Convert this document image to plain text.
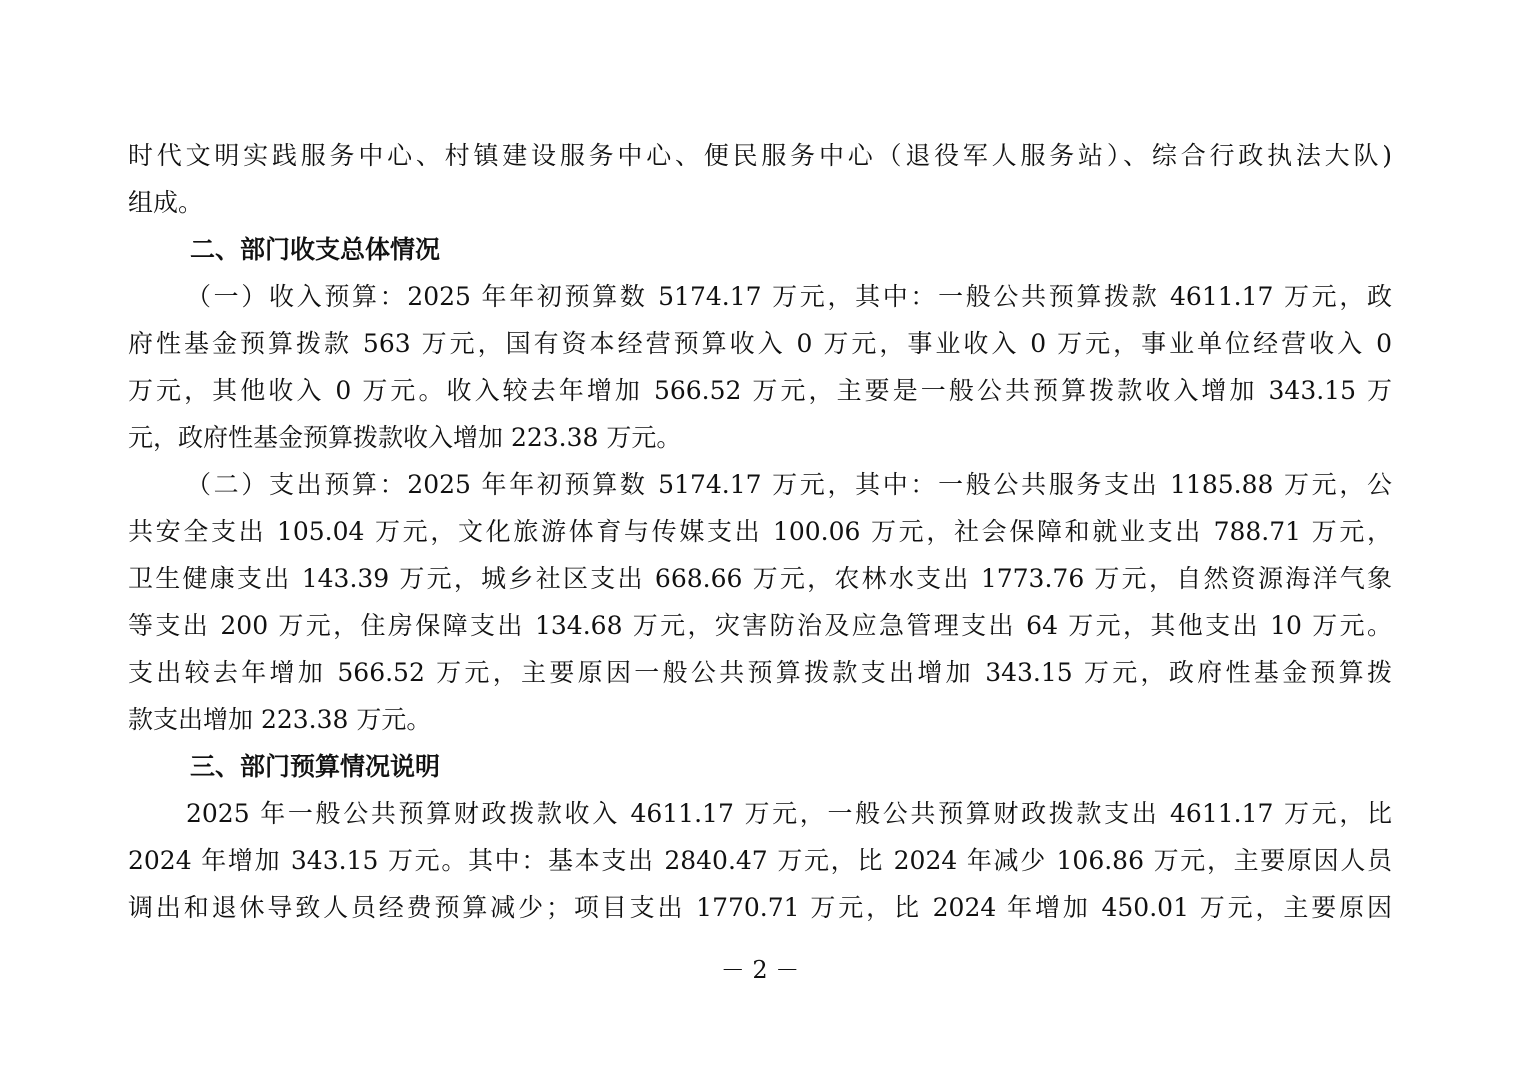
时代文明实践服务中心、村镇建设服务中心、便民服务中心（退役军人服务站）、综合行政执法大队)
组成。
二、部门收支总体情况
（一）收入预算：2025 年年初预算数 5174.17 万元，其中：一般公共预算拨款 4611.17 万元，政
府性基金预算拨款 563 万元，国有资本经营预算收入 0 万元，事业收入 0 万元，事业单位经营收入 0
万元，其他收入 0 万元。收入较去年增加 566.52 万元，主要是一般公共预算拨款收入增加 343.15 万
元，政府性基金预算拨款收入增加 223.38 万元。
（二）支出预算：2025 年年初预算数 5174.17 万元，其中：一般公共服务支出 1185.88 万元，公
共安全支出 105.04 万元，文化旅游体育与传媒支出 100.06 万元，社会保障和就业支出 788.71 万元，
卫生健康支出 143.39 万元，城乡社区支出 668.66 万元，农林水支出 1773.76 万元，自然资源海洋气象
等支出 200 万元，住房保障支出 134.68 万元，灾害防治及应急管理支出 64 万元，其他支出 10 万元。
支出较去年增加 566.52 万元，主要原因一般公共预算拨款支出增加 343.15 万元，政府性基金预算拨
款支出增加 223.38 万元。
三、部门预算情况说明
2025 年一般公共预算财政拨款收入 4611.17 万元，一般公共预算财政拨款支出 4611.17 万元，比
2024 年增加 343.15 万元。其中：基本支出 2840.47 万元，比 2024 年减少 106.86 万元，主要原因人员
调出和退休导致人员经费预算减少；项目支出 1770.71 万元，比 2024 年增加 450.01 万元，主要原因
－ 2 －
